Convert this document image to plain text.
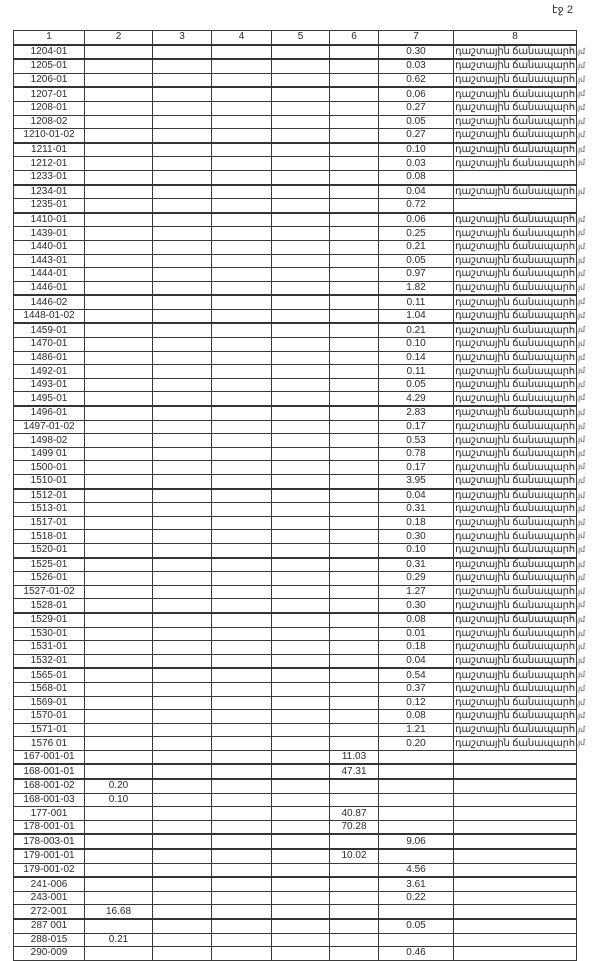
էջ 2
1	2	3	4	5	6	7	8
1204-01						0.30	դաշտային ճանապարհ .յմ

1205-01						0.03	դաշտային ճանապարհ .յմ

1206-01						0.62	դաշտային ճանապարհ .յմ

1207-01						0.06	դաշտային ճանապարհ .յմ

1208-01						0.27	դաշտային ճանապարհ .յմ

1208-02						0.05	դաշտային ճանապարհ .յմ

1210-01-02						0.27	դաշտային ճանապարհ .յմ

1211-01						0.10	դաշտային ճանապարհ .յմ

1212-01						0.03	դաշտային ճանապարհ .յմ

1233-01						0.08	
1234-01						0.04	դաշտային ճանապարհ .յմ

1235-01						0.72	
1410-01						0.06	դաշտային ճանապարհ .յմ

1439-01						0.25	դաշտային ճանապարհ .յմ

1440-01						0.21	դաշտային ճանապարհ .յմ

1443-01						0.05	դաշտային ճանապարհ .յմ

1444-01						0.97	դաշտային ճանապարհ .յմ

1446-01						1.82	դաշտային ճանապարհ .յմ

1446-02						0.11	դաշտային ճանապարհ .յմ

1448-01-02						1.04	դաշտային ճանապարհ .յմ

1459-01						0.21	դաշտային ճանապարհ .յմ

1470-01						0.10	դաշտային ճանապարհ .յմ

1486-01						0.14	դաշտային ճանապարհ .յմ

1492-01						0.11	դաշտային ճանապարհ .յմ

1493-01						0.05	դաշտային ճանապարհ .յմ

1495-01						4.29	դաշտային ճանապարհ .յմ

1496-01						2.83	դաշտային ճանապարհ .յմ

1497-01-02						0.17	դաշտային ճանապարհ .յմ

1498-02						0.53	դաշտային ճանապարհ .յմ

1499 01						0.78	դաշտային ճանապարհ .յմ

1500-01						0.17	դաշտային ճանապարհ .յմ

1510-01						3.95	դաշտային ճանապարհ .յմ

1512-01						0.04	դաշտային ճանապարհ .յմ

1513-01						0.31	դաշտային ճանապարհ .յմ

1517-01						0.18	դաշտային ճանապարհ .յմ

1518-01						0.30	դաշտային ճանապարհ .յմ

1520-01						0.10	դաշտային ճանապարհ .յմ

1525-01						0.31	դաշտային ճանապարհ .յմ

1526-01						0.29	դաշտային ճանապարհ .յմ

1527-01-02						1.27	դաշտային ճանապարհ .յմ

1528-01						0.30	դաշտային ճանապարհ .յմ

1529-01						0.08	դաշտային ճանապարհ .յմ

1530-01						0.01	դաշտային ճանապարհ .յմ

1531-01						0.18	դաշտային ճանապարհ .յմ

1532-01						0.04	դաշտային ճանապարհ .յմ

1565-01						0.54	դաշտային ճանապարհ .յմ

1568-01						0.37	դաշտային ճանապարհ .յմ

1569-01						0.12	դաշտային ճանապարհ .յմ

1570-01						0.08	դաշտային ճանապարհ .յմ

1571-01						1.21	դաշտային ճանապարհ .յմ

1576 01						0.20	դաշտային ճանապարհ .յմ

167-001-01					11.03		
168-001-01					47.31		
168-001-02	0.20						
168-001-03	0.10						
177-001					40.87		
178-001-01					70.28		
178-003-01						9.06	
179-001-01					10.02		
179-001-02						4.56	
241-006						3.61	
243-001						0.22	
272-001	16.68						
287 001						0.05	
288-015	0.21						
290-009						0.46	
